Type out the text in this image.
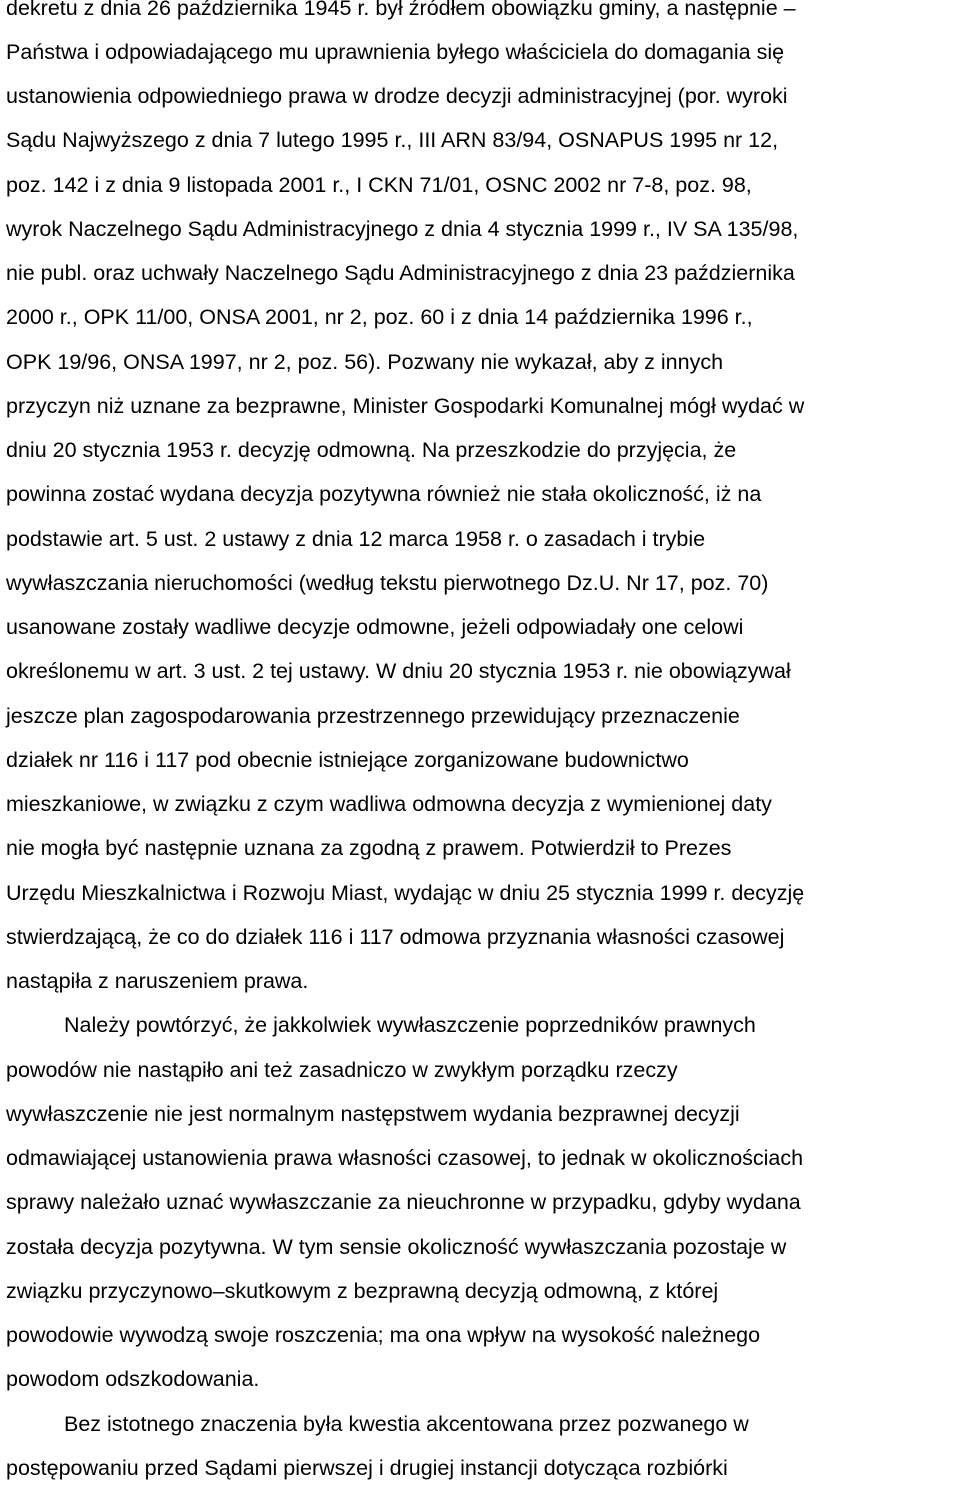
dekretu z dnia 26 października 1945 r. był źródłem obowiązku gminy, a następnie –
Państwa i odpowiadającego mu uprawnienia byłego właściciela do domagania się
ustanowienia odpowiedniego prawa w drodze decyzji administracyjnej (por. wyroki
Sądu Najwyższego z dnia 7 lutego 1995 r., III ARN 83/94, OSNAPUS 1995 nr 12,
poz. 142 i z dnia 9 listopada 2001 r., I CKN 71/01, OSNC 2002 nr 7-8, poz. 98,
wyrok Naczelnego Sądu Administracyjnego z dnia 4 stycznia 1999 r., IV SA 135/98,
nie publ. oraz uchwały Naczelnego Sądu Administracyjnego z dnia 23 października
2000 r., OPK 11/00, ONSA 2001, nr 2, poz. 60 i z dnia 14 października 1996 r.,
OPK 19/96, ONSA 1997, nr 2, poz. 56). Pozwany nie wykazał, aby z innych
przyczyn niż uznane za bezprawne, Minister Gospodarki Komunalnej mógł wydać w
dniu 20 stycznia 1953 r. decyzję odmowną. Na przeszkodzie do przyjęcia, że
powinna zostać wydana decyzja pozytywna również nie stała okoliczność, iż na
podstawie art. 5 ust. 2 ustawy z dnia 12 marca 1958 r. o zasadach i trybie
wywłaszczania nieruchomości (według tekstu pierwotnego Dz.U. Nr 17, poz. 70)
usanowane zostały wadliwe decyzje odmowne, jeżeli odpowiadały one celowi
określonemu w art. 3 ust. 2 tej ustawy. W dniu 20 stycznia 1953 r. nie obowiązywał
jeszcze plan zagospodarowania przestrzennego przewidujący przeznaczenie
działek nr 116 i 117 pod obecnie istniejące zorganizowane budownictwo
mieszkaniowe, w związku z czym wadliwa odmowna decyzja z wymienionej daty
nie mogła być następnie uznana za zgodną z prawem. Potwierdził to Prezes
Urzędu Mieszkalnictwa i Rozwoju Miast, wydając w dniu 25 stycznia 1999 r. decyzję
stwierdzającą, że co do działek 116 i 117 odmowa przyznania własności czasowej
nastąpiła z naruszeniem prawa.
Należy powtórzyć, że jakkolwiek wywłaszczenie poprzedników prawnych
powodów nie nastąpiło ani też zasadniczo w zwykłym porządku rzeczy
wywłaszczenie nie jest normalnym następstwem wydania bezprawnej decyzji
odmawiającej ustanowienia prawa własności czasowej, to jednak w okolicznościach
sprawy należało uznać wywłaszczanie za nieuchronne w przypadku, gdyby wydana
została decyzja pozytywna. W tym sensie okoliczność wywłaszczania pozostaje w
związku przyczynowo–skutkowym z bezprawną decyzją odmowną, z której
powodowie wywodzą swoje roszczenia; ma ona wpływ na wysokość należnego
powodom odszkodowania.
Bez istotnego znaczenia była kwestia akcentowana przez pozwanego w
postępowaniu przed Sądami pierwszej i drugiej instancji dotycząca rozbiórki
